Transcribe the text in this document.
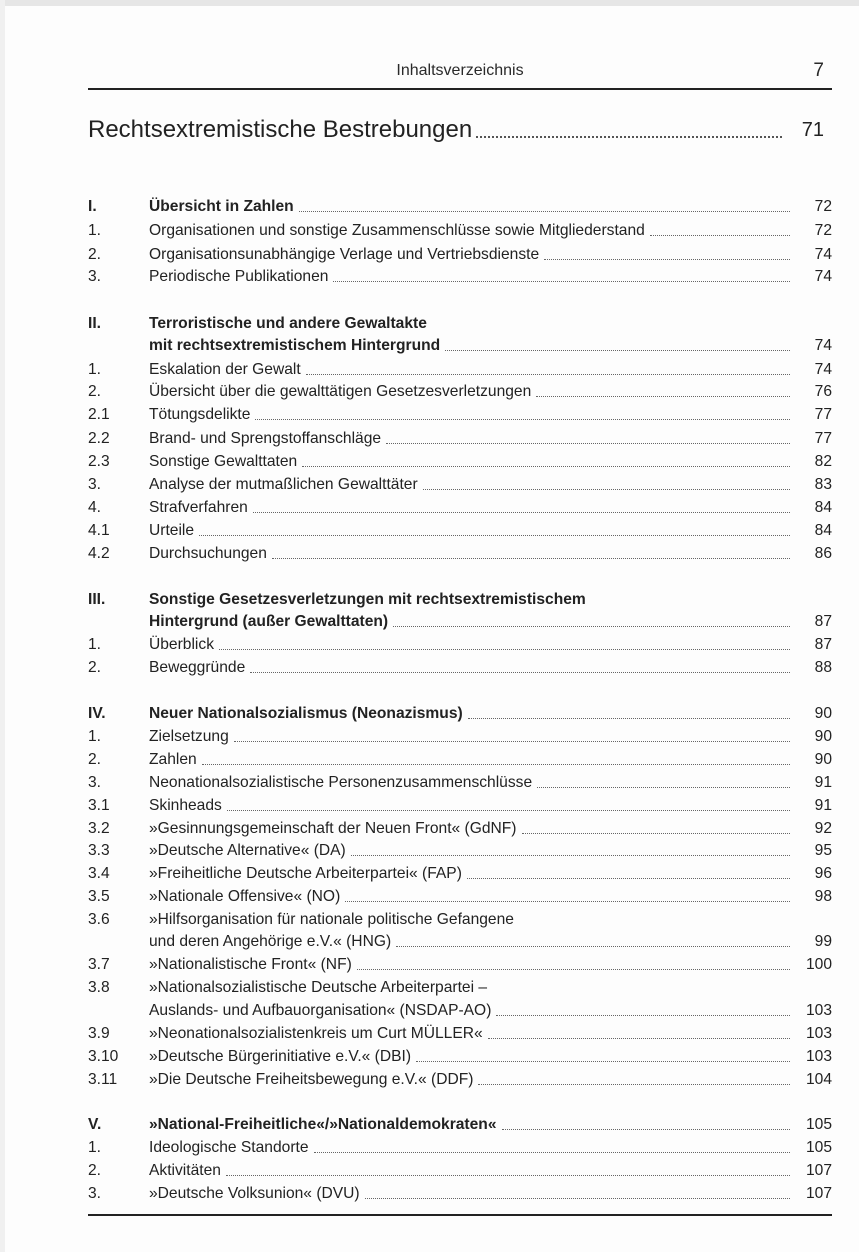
Inhaltsverzeichnis	7
Rechtsextremistische Bestrebungen	71
I.	Übersicht in Zahlen	72
1.	Organisationen und sonstige Zusammenschlüsse sowie Mitgliederstand	72
2.	Organisationsunabhängige Verlage und Vertriebsdienste	74
3.	Periodische Publikationen	74
II.	Terroristische und andere Gewaltakte
mit rechtsextremistischem Hintergrund	74
1.	Eskalation der Gewalt	74
2.	Übersicht über die gewalttätigen Gesetzesverletzungen	76
2.1	Tötungsdelikte	77
2.2	Brand- und Sprengstoffanschläge	77
2.3	Sonstige Gewalttaten	82
3.	Analyse der mutmaßlichen Gewalttäter	83
4.	Strafverfahren	84
4.1	Urteile	84
4.2	Durchsuchungen	86
III.	Sonstige Gesetzesverletzungen mit rechtsextremistischem
Hintergrund (außer Gewalttaten)	87
1.	Überblick	87
2.	Beweggründe	88
IV.	Neuer Nationalsozialismus (Neonazismus)	90
1.	Zielsetzung	90
2.	Zahlen	90
3.	Neonationalsozialistische Personenzusammenschlüsse	91
3.1	Skinheads	91
3.2	»Gesinnungsgemeinschaft der Neuen Front« (GdNF)	92
3.3	»Deutsche Alternative« (DA)	95
3.4	»Freiheitliche Deutsche Arbeiterpartei« (FAP)	96
3.5	»Nationale Offensive« (NO)	98
3.6	»Hilfsorganisation für nationale politische Gefangene
und deren Angehörige e.V.« (HNG)	99
3.7	»Nationalistische Front« (NF)	100
3.8	»Nationalsozialistische Deutsche Arbeiterpartei –
Auslands- und Aufbauorganisation« (NSDAP-AO)	103
3.9	»Neonationalsozialistenkreis um Curt MÜLLER«	103
3.10 »Deutsche Bürgerinitiative e.V.« (DBI)	103
3.11 »Die Deutsche Freiheitsbewegung e.V.« (DDF)	104
V.	»National-Freiheitliche«/»Nationaldemokraten«	105
1.	Ideologische Standorte	105
2.	Aktivitäten	107
3.	»Deutsche Volksunion« (DVU)	107
